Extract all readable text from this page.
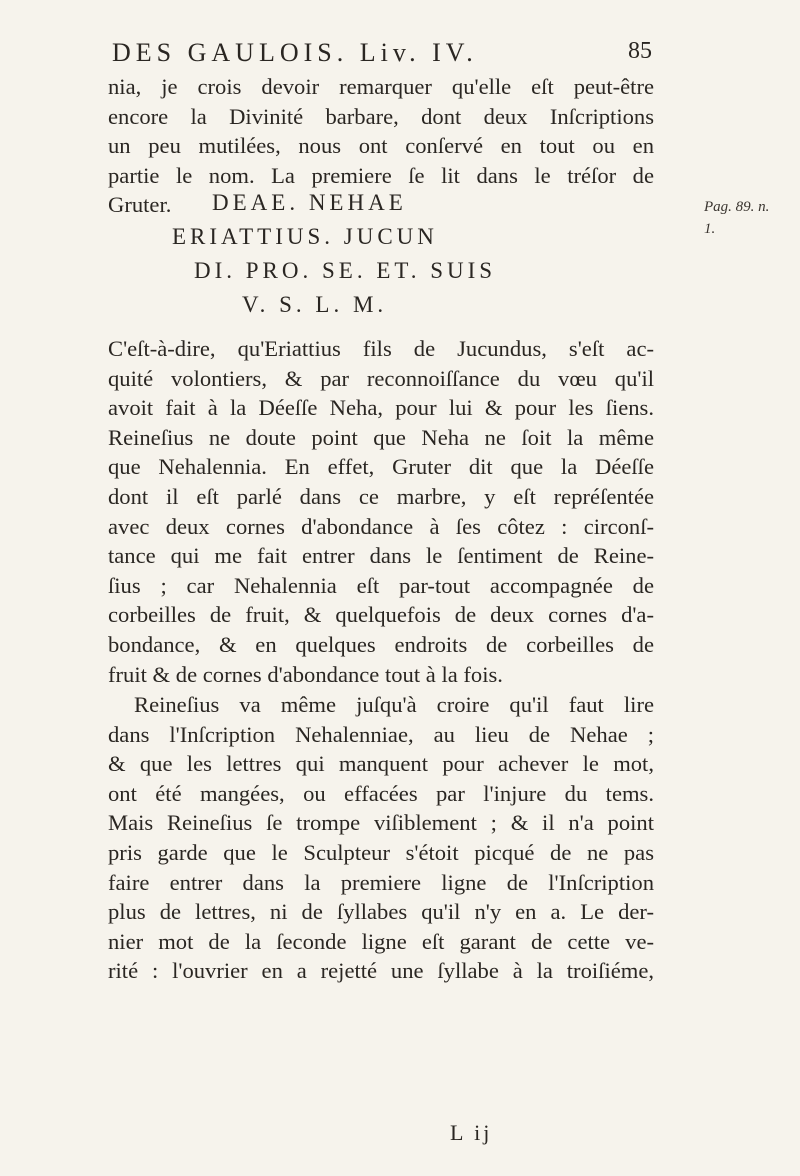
DES GAULOIS. Liv. IV.	85
nia, je crois devoir remarquer qu'elle eſt peut-être
encore la Divinité barbare, dont deux Inſcriptions
un peu mutilées, nous ont conſervé en tout ou en
partie le nom. La premiere ſe lit dans le tréſor de
Gruter.	DEAE. NEHAE
ERIATTIUS. JUCUN
DI. PRO. SE. ET. SUIS
V. S. L. M.
Pag. 89. n.
1.
C'eſt-à-dire, qu'Eriattius fils de Jucundus, s'eſt ac-
quité volontiers, & par reconnoiſſance du vœu qu'il
avoit fait à la Déeſſe Neha, pour lui & pour les ſiens.
Reineſius ne doute point que Neha ne ſoit la même
que Nehalennia. En effet, Gruter dit que la Déeſſe
dont il eſt parlé dans ce marbre, y eſt repréſentée
avec deux cornes d'abondance à ſes côtez : circonſ-
tance qui me fait entrer dans le ſentiment de Reine-
ſius ; car Nehalennia eſt par-tout accompagnée de
corbeilles de fruit, & quelquefois de deux cornes d'a-
bondance, & en quelques endroits de corbeilles de
fruit & de cornes d'abondance tout à la fois.
Reineſius va même juſqu'à croire qu'il faut lire
dans l'Inſcription Nehalenniae, au lieu de Nehae ;
& que les lettres qui manquent pour achever le mot,
ont été mangées, ou effacées par l'injure du tems.
Mais Reineſius ſe trompe viſiblement ; & il n'a point
pris garde que le Sculpteur s'étoit picqué de ne pas
faire entrer dans la premiere ligne de l'Inſcription
plus de lettres, ni de ſyllabes qu'il n'y en a. Le der-
nier mot de la ſeconde ligne eſt garant de cette ve-
rité : l'ouvrier en a rejetté une ſyllabe à la troiſiéme,
L ij
